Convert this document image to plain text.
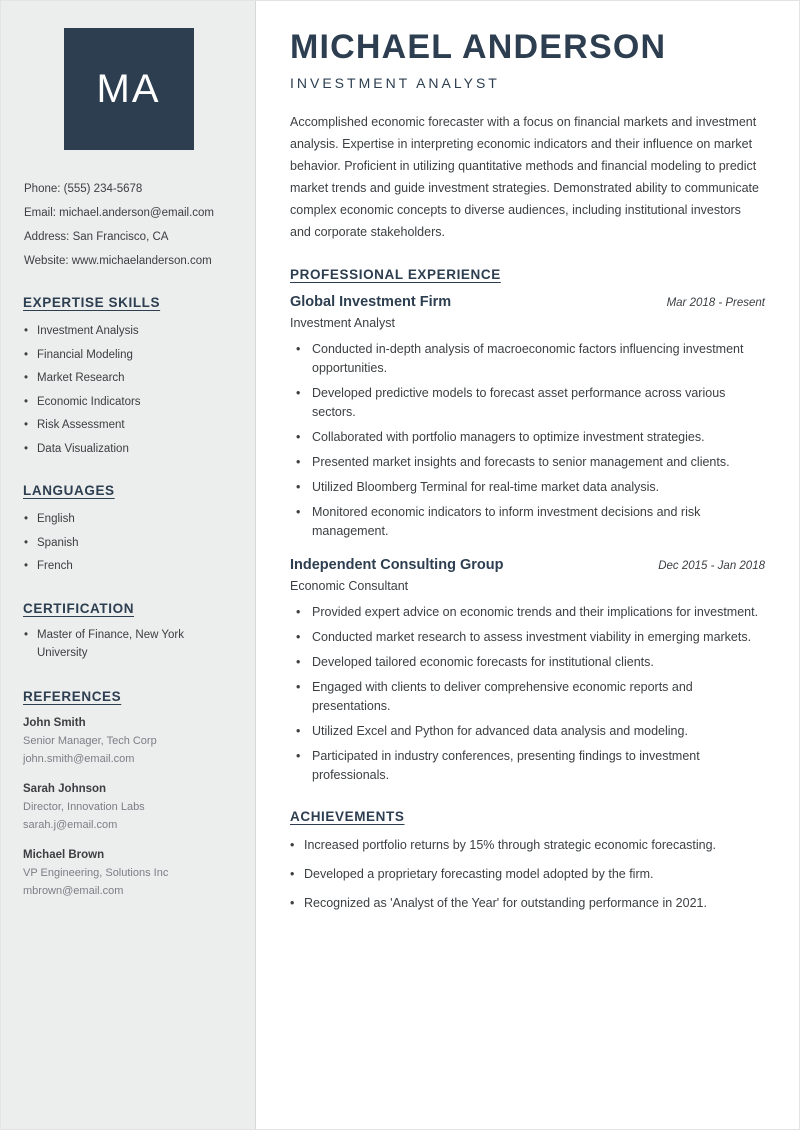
MA
Phone: (555) 234-5678
Email: michael.anderson@email.com
Address: San Francisco, CA
Website: www.michaelanderson.com
EXPERTISE SKILLS
• Investment Analysis
• Financial Modeling
• Market Research
• Economic Indicators
• Risk Assessment
• Data Visualization
LANGUAGES
• English
• Spanish
• French
CERTIFICATION
• Master of Finance, New York University
REFERENCES
John Smith
Senior Manager, Tech Corp
john.smith@email.com
Sarah Johnson
Director, Innovation Labs
sarah.j@email.com
Michael Brown
VP Engineering, Solutions Inc
mbrown@email.com
MICHAEL ANDERSON
INVESTMENT ANALYST

Accomplished economic forecaster with a focus on financial markets and investment analysis. Expertise in interpreting economic indicators and their influence on market behavior. Proficient in utilizing quantitative methods and financial modeling to predict market trends and guide investment strategies. Demonstrated ability to communicate complex economic concepts to diverse audiences, including institutional investors and corporate stakeholders.

PROFESSIONAL EXPERIENCE
Global Investment Firm	Mar 2018 - Present
Investment Analyst
• Conducted in-depth analysis of macroeconomic factors influencing investment opportunities.
• Developed predictive models to forecast asset performance across various sectors.
• Collaborated with portfolio managers to optimize investment strategies.
• Presented market insights and forecasts to senior management and clients.
• Utilized Bloomberg Terminal for real-time market data analysis.
• Monitored economic indicators to inform investment decisions and risk management.
Independent Consulting Group	Dec 2015 - Jan 2018
Economic Consultant
• Provided expert advice on economic trends and their implications for investment.
• Conducted market research to assess investment viability in emerging markets.
• Developed tailored economic forecasts for institutional clients.
• Engaged with clients to deliver comprehensive economic reports and presentations.
• Utilized Excel and Python for advanced data analysis and modeling.
• Participated in industry conferences, presenting findings to investment professionals.
ACHIEVEMENTS
• Increased portfolio returns by 15% through strategic economic forecasting.
• Developed a proprietary forecasting model adopted by the firm.
• Recognized as 'Analyst of the Year' for outstanding performance in 2021.
